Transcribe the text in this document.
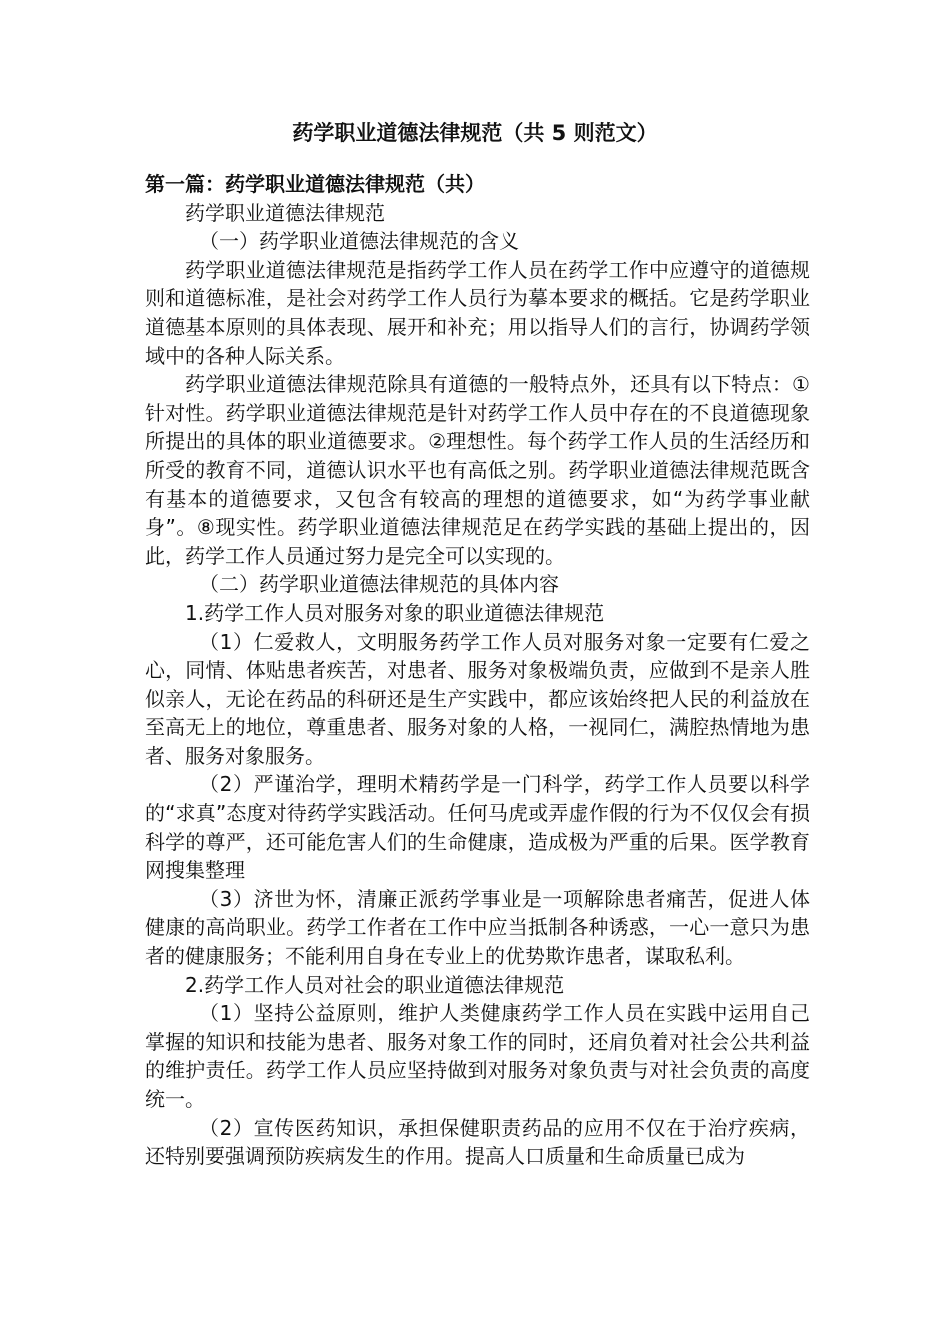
药学职业道德法律规范（共 5 则范文）

第一篇：药学职业道德法律规范（共）

药学职业道德法律规范

（一）药学职业道德法律规范的含义

药学职业道德法律规范是指药学工作人员在药学工作中应遵守的道德规则和道德标准，是社会对药学工作人员行为摹本要求的概括。它是药学职业道德基本原则的具体表现、展开和补充；用以指导人们的言行，协调药学领域中的各种人际关系。

药学职业道德法律规范除具有道德的一般特点外，还具有以下特点：①针对性。药学职业道德法律规范是针对药学工作人员中存在的不良道德现象所提出的具体的职业道德要求。②理想性。每个药学工作人员的生活经历和所受的教育不同，道德认识水平也有高低之别。药学职业道德法律规范既含有基本的道德要求，又包含有较高的理想的道德要求，如“为药学事业献身”。⑧现实性。药学职业道德法律规范足在药学实践的基础上提出的，因此，药学工作人员通过努力是完全可以实现的。

（二）药学职业道德法律规范的具体内容

1.药学工作人员对服务对象的职业道德法律规范

（1）仁爱救人，文明服务药学工作人员对服务对象一定要有仁爱之心，同情、体贴患者疾苦，对患者、服务对象极端负责，应做到不是亲人胜似亲人，无论在药品的科研还是生产实践中，都应该始终把人民的利益放在至高无上的地位，尊重患者、服务对象的人格，一视同仁，满腔热情地为患者、服务对象服务。

（2）严谨治学，理明术精药学是一门科学，药学工作人员要以科学的“求真”态度对待药学实践活动。任何马虎或弄虚作假的行为不仅仅会有损科学的尊严，还可能危害人们的生命健康，造成极为严重的后果。医学教育网搜集整理

（3）济世为怀，清廉正派药学事业是一项解除患者痛苦，促进人体健康的高尚职业。药学工作者在工作中应当抵制各种诱惑，一心一意只为患者的健康服务；不能利用自身在专业上的优势欺诈患者，谋取私利。

2.药学工作人员对社会的职业道德法律规范

（1）坚持公益原则，维护人类健康药学工作人员在实践中运用自己掌握的知识和技能为患者、服务对象工作的同时，还肩负着对社会公共利益的维护责任。药学工作人员应坚持做到对服务对象负责与对社会负责的高度统一。

（2）宣传医药知识，承担保健职责药品的应用不仅在于治疗疾病，还特别要强调预防疾病发生的作用。提高人口质量和生命质量已成为
